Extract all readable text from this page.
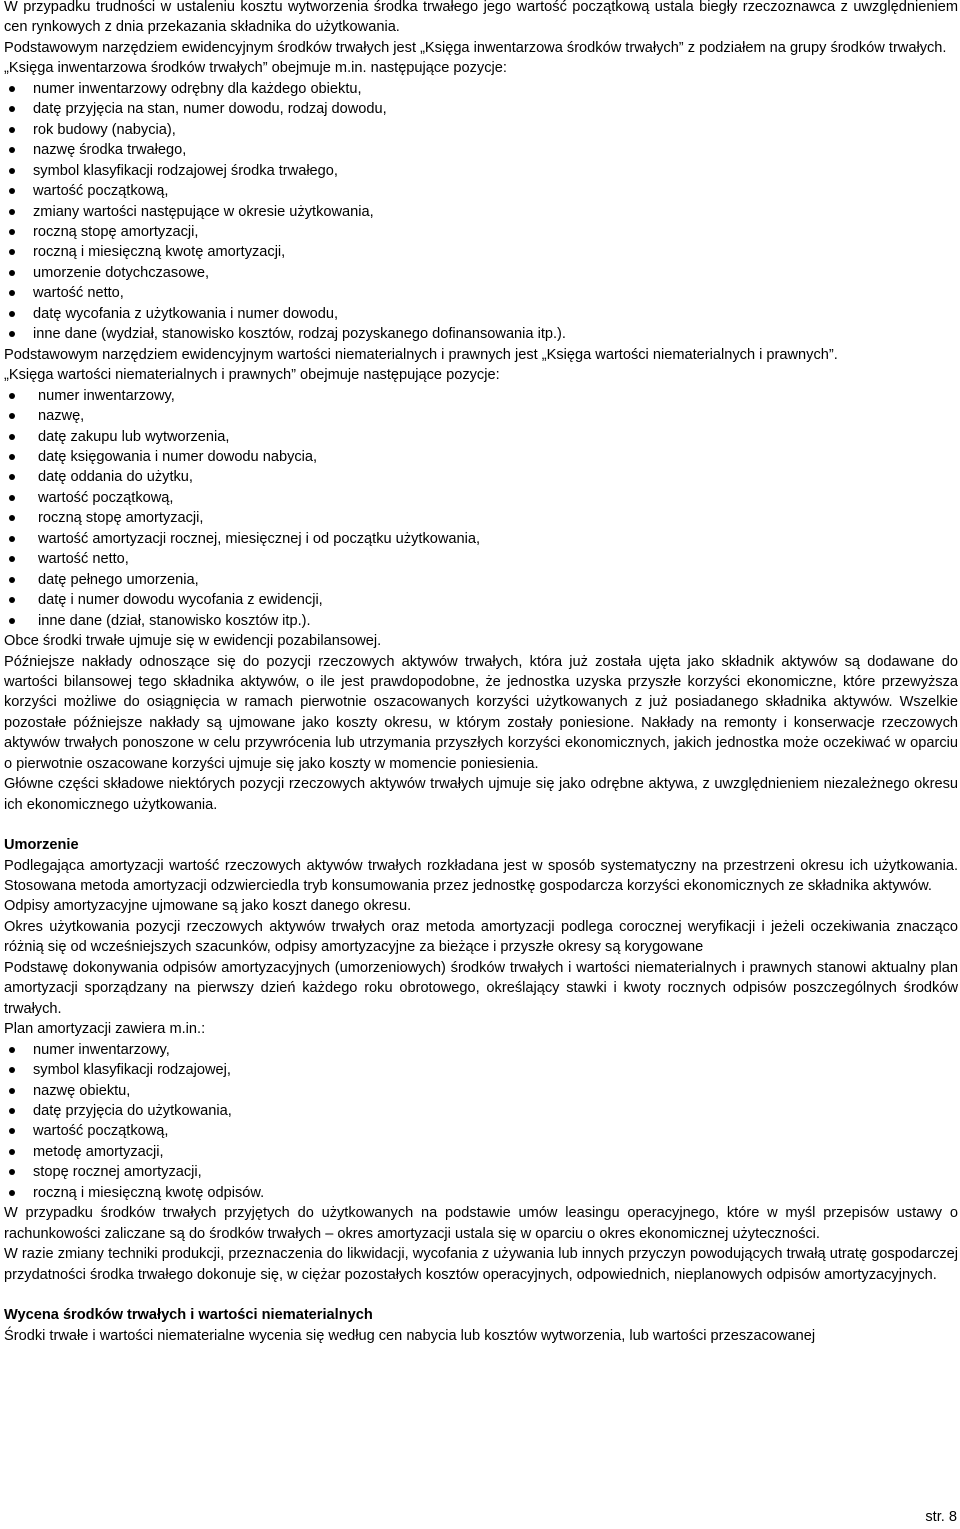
W przypadku trudności w ustaleniu kosztu wytworzenia środka trwałego jego wartość początkową ustala biegły rzeczoznawca z uwzględnieniem cen rynkowych z dnia przekazania składnika do użytkowania.

Podstawowym narzędziem ewidencyjnym środków trwałych jest „Księga inwentarzowa środków trwałych” z podziałem na grupy środków trwałych.

„Księga inwentarzowa środków trwałych” obejmuje m.in. następujące pozycje:

numer inwentarzowy odrębny dla każdego obiektu,
datę przyjęcia na stan, numer dowodu, rodzaj dowodu,
rok budowy (nabycia),
nazwę środka trwałego,
symbol klasyfikacji rodzajowej środka trwałego,
wartość początkową,
zmiany wartości następujące w okresie użytkowania,
roczną stopę amortyzacji,
roczną i miesięczną kwotę amortyzacji,
umorzenie dotychczasowe,
wartość netto,
datę wycofania z użytkowania i numer dowodu,
inne dane (wydział, stanowisko kosztów, rodzaj pozyskanego dofinansowania itp.).

Podstawowym narzędziem ewidencyjnym wartości niematerialnych i prawnych jest „Księga wartości niematerialnych i prawnych”.

„Księga wartości niematerialnych i prawnych” obejmuje następujące pozycje:

numer inwentarzowy,
nazwę,
datę zakupu lub wytworzenia,
datę księgowania i numer dowodu nabycia,
datę oddania do użytku,
wartość początkową,
roczną stopę amortyzacji,
wartość amortyzacji rocznej, miesięcznej i od początku użytkowania,
wartość netto,
datę pełnego umorzenia,
datę i numer dowodu wycofania z ewidencji,
inne dane (dział, stanowisko kosztów itp.).

Obce środki trwałe ujmuje się w ewidencji pozabilansowej.

Późniejsze nakłady odnoszące się do pozycji rzeczowych aktywów trwałych, która już została ujęta jako składnik aktywów są dodawane do wartości bilansowej tego składnika aktywów, o ile jest prawdopodobne, że jednostka uzyska przyszłe korzyści ekonomiczne, które przewyższa korzyści możliwe do osiągnięcia w ramach pierwotnie oszacowanych korzyści użytkowanych z już posiadanego składnika aktywów. Wszelkie pozostałe późniejsze nakłady są ujmowane jako koszty okresu, w którym zostały poniesione. Nakłady na remonty i konserwacje rzeczowych aktywów trwałych ponoszone w celu przywrócenia lub utrzymania przyszłych korzyści ekonomicznych, jakich jednostka może oczekiwać w oparciu o pierwotnie oszacowane korzyści ujmuje się jako koszty w momencie poniesienia.

Główne części składowe niektórych pozycji rzeczowych aktywów trwałych ujmuje się jako odrębne aktywa, z uwzględnieniem niezależnego okresu ich ekonomicznego użytkowania.

Umorzenie

Podlegająca amortyzacji wartość rzeczowych aktywów trwałych rozkładana jest w sposób systematyczny na przestrzeni okresu ich użytkowania. Stosowana metoda amortyzacji odzwierciedla tryb konsumowania przez jednostkę gospodarcza korzyści ekonomicznych ze składnika aktywów.

Odpisy amortyzacyjne ujmowane są jako koszt danego okresu.

Okres użytkowania pozycji rzeczowych aktywów trwałych oraz metoda amortyzacji podlega corocznej weryfikacji i jeżeli oczekiwania znacząco różnią się od wcześniejszych szacunków, odpisy amortyzacyjne za bieżące i przyszłe okresy są korygowane

Podstawę dokonywania odpisów amortyzacyjnych (umorzeniowych) środków trwałych i wartości niematerialnych i prawnych stanowi aktualny plan amortyzacji sporządzany na pierwszy dzień każdego roku obrotowego, określający stawki i kwoty rocznych odpisów poszczególnych środków trwałych.

Plan amortyzacji zawiera m.in.:

numer inwentarzowy,
symbol klasyfikacji rodzajowej,
nazwę obiektu,
datę przyjęcia do użytkowania,
wartość początkową,
metodę amortyzacji,
stopę rocznej amortyzacji,
roczną i miesięczną kwotę odpisów.

W przypadku środków trwałych przyjętych do użytkowanych na podstawie umów leasingu operacyjnego, które w myśl przepisów ustawy o rachunkowości zaliczane są do środków trwałych – okres amortyzacji ustala się w oparciu o okres ekonomicznej użyteczności.

W razie zmiany techniki produkcji, przeznaczenia do likwidacji, wycofania z używania lub innych przyczyn powodujących trwałą utratę gospodarczej przydatności środka trwałego dokonuje się, w ciężar pozostałych kosztów operacyjnych, odpowiednich, nieplanowych odpisów amortyzacyjnych.

Wycena środków trwałych i wartości niematerialnych

Środki trwałe i wartości niematerialne wycenia się według cen nabycia lub kosztów wytworzenia, lub wartości przeszacowanej

str. 8
